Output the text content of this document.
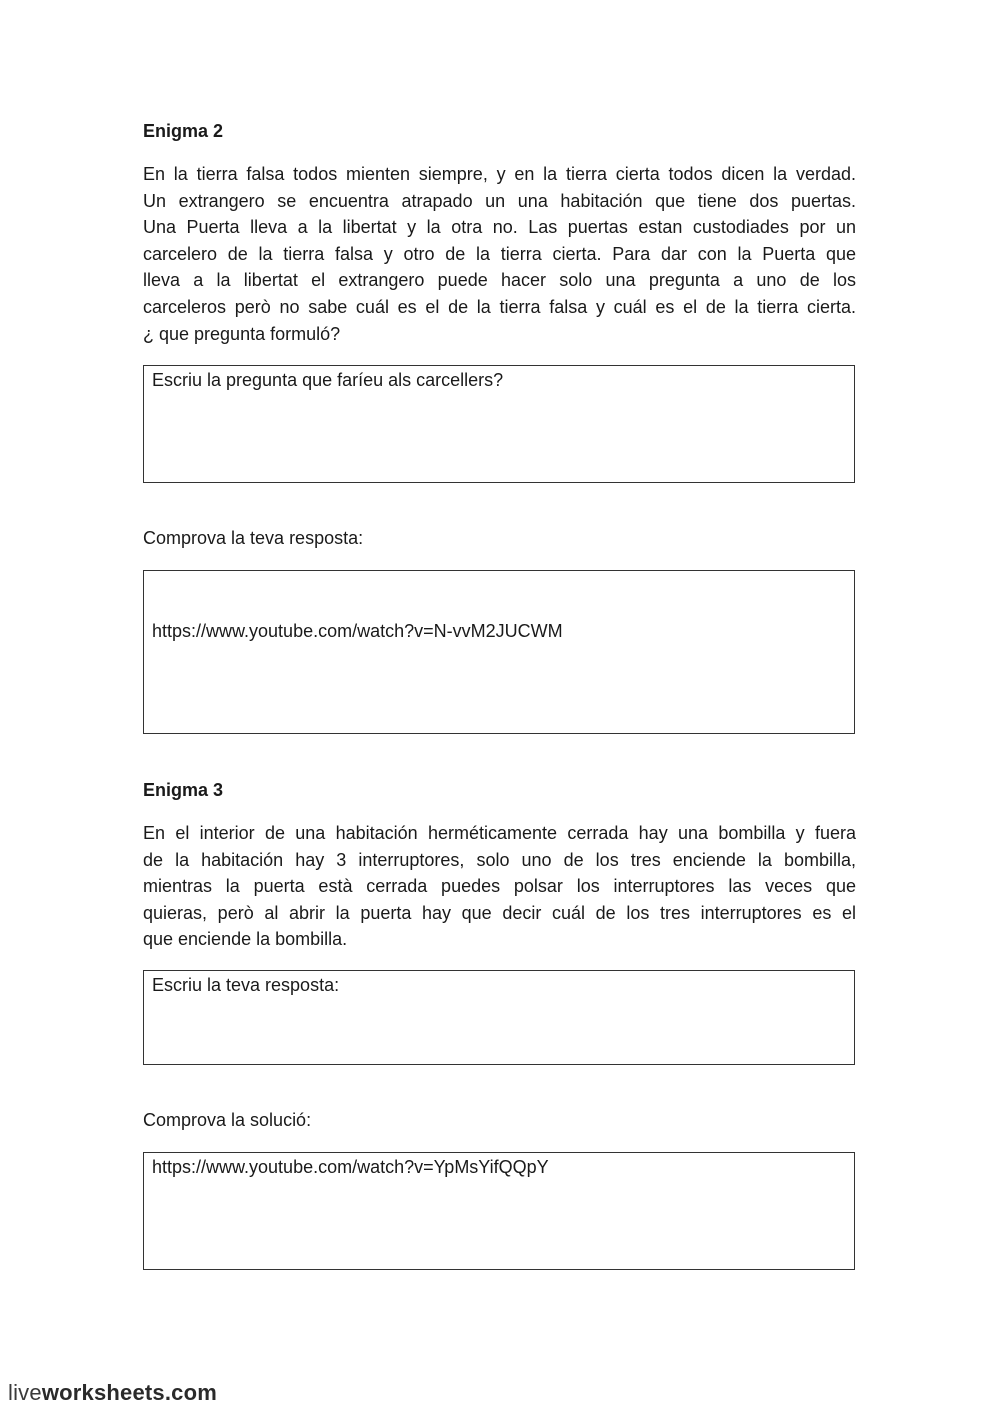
Enigma 2
En la tierra falsa todos mienten siempre, y en la tierra cierta todos dicen la verdad.
Un extrangero se encuentra atrapado un una habitación que tiene dos puertas.
Una Puerta lleva a la libertat y la otra no. Las puertas estan custodiades por un
carcelero de la tierra falsa y otro de la tierra cierta. Para dar con la Puerta que
lleva a la libertat el extrangero puede hacer solo una pregunta a uno de los
carceleros però no sabe cuál es el de la tierra falsa y cuál es el de la tierra cierta.
¿ que pregunta formuló?
Escriu la pregunta que faríeu als carcellers?

Comprova la teva resposta:

https://www.youtube.com/watch?v=N-vvM2JUCWM
Enigma 3
En el interior de una habitación herméticamente cerrada hay una bombilla y fuera
de la habitación hay 3 interruptores, solo uno de los tres enciende la bombilla,
mientras la puerta està cerrada puedes polsar los interruptores las veces que
quieras, però al abrir la puerta hay que decir cuál de los tres interruptores es el
que enciende la bombilla.
Escriu la teva resposta:

Comprova la solució:

https://www.youtube.com/watch?v=YpMsYifQQpY
liveworksheets.com
